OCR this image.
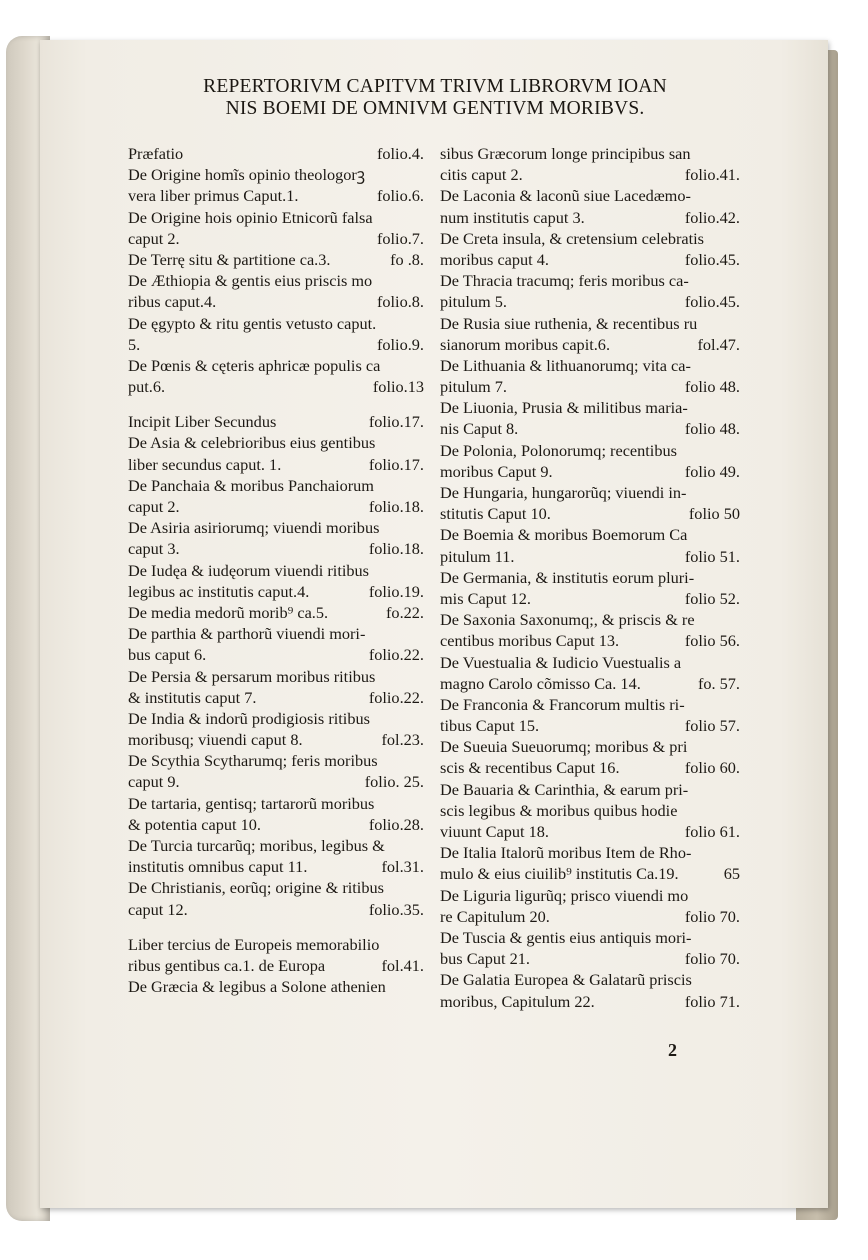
REPERTORIVM CAPITVM TRIVM LIBRORVM IOAN
NIS BOEMI DE OMNIVM GENTIVM MORIBVS.
Præfatio	folio.4.
De Origine homĩs opinio theologorꝫ
vera liber primus Caput.1.	folio.6.
De Origine hois opinio Etnicorũ falsa
caput 2.	folio.7.
De Terrę situ & partitione ca.3.	fo .8.
De Æthiopia & gentis eius priscis mo
ribus caput.4.	folio.8.
De ęgypto & ritu gentis vetusto caput.
5.	folio.9.
De Pœnis & cęteris aphricæ populis ca
put.6.	folio.13
Incipit Liber Secundus	folio.17.
De Asia & celebrioribus eius gentibus
liber secundus caput. 1.	folio.17.
De Panchaia & moribus Panchaiorum
caput 2.	folio.18.
De Asiria asiriorumq; viuendi moribus
caput 3.	folio.18.
De Iudęa & iudęorum viuendi ritibus
legibus ac institutis caput.4.	folio.19.
De media medorũ morib⁹ ca.5.	fo.22.
De parthia & parthorũ viuendi mori-
bus caput 6.	folio.22.
De Persia & persarum moribus ritibus
& institutis caput 7.	folio.22.
De India & indorũ prodigiosis ritibus
moribusq; viuendi caput 8.	fol.23.
De Scythia Scytharumq; feris moribus
caput 9.	folio. 25.
De tartaria, gentisq; tartarorũ moribus
& potentia caput 10.	folio.28.
De Turcia turcarũq; moribus, legibus &
institutis omnibus caput 11.	fol.31.
De Christianis, eorũq; origine & ritibus
caput 12.	folio.35.
Liber tercius de Europeis memorabilio
ribus gentibus ca.1. de Europa	fol.41.
De Græcia & legibus a Solone athenien
sibus Græcorum longe principibus san
citis caput 2.	folio.41.
De Laconia & laconũ siue Lacedæmo-
num institutis caput 3.	folio.42.
De Creta insula, & cretensium celebratis
moribus caput 4.	folio.45.
De Thracia tracumq; feris moribus ca-
pitulum 5.	folio.45.
De Rusia siue ruthenia, & recentibus ru
sianorum moribus capit.6.	fol.47.
De Lithuania & lithuanorumq; vita ca-
pitulum 7.	folio 48.
De Liuonia, Prusia & militibus maria-
nis Caput 8.	folio 48.
De Polonia, Polonorumq; recentibus
moribus Caput 9.	folio 49.
De Hungaria, hungarorũq; viuendi in-
stitutis Caput 10.	folio 50
De Boemia & moribus Boemorum Ca
pitulum 11.	folio 51.
De Germania, & institutis eorum pluri-
mis Caput 12.	folio 52.
De Saxonia Saxonumq;, & priscis & re
centibus moribus Caput 13.	folio 56.
De Vuestualia & Iudicio Vuestualis a
magno Carolo cõmisso Ca. 14.	fo. 57.
De Franconia & Francorum multis ri-
tibus Caput 15.	folio 57.
De Sueuia Sueuorumq; moribus & pri
scis & recentibus Caput 16.	folio 60.
De Bauaria & Carinthia, & earum pri-
scis legibus & moribus quibus hodie
viuunt Caput 18.	folio 61.
De Italia Italorũ moribus Item de Rho-
mulo & eius ciuilib⁹ institutis Ca.19.	65
De Liguria ligurũq; prisco viuendi mo
re Capitulum 20.	folio 70.
De Tuscia & gentis eius antiquis mori-
bus Caput 21.	folio 70.
De Galatia Europea & Galatarũ priscis
moribus, Capitulum 22.	folio 71.
2
